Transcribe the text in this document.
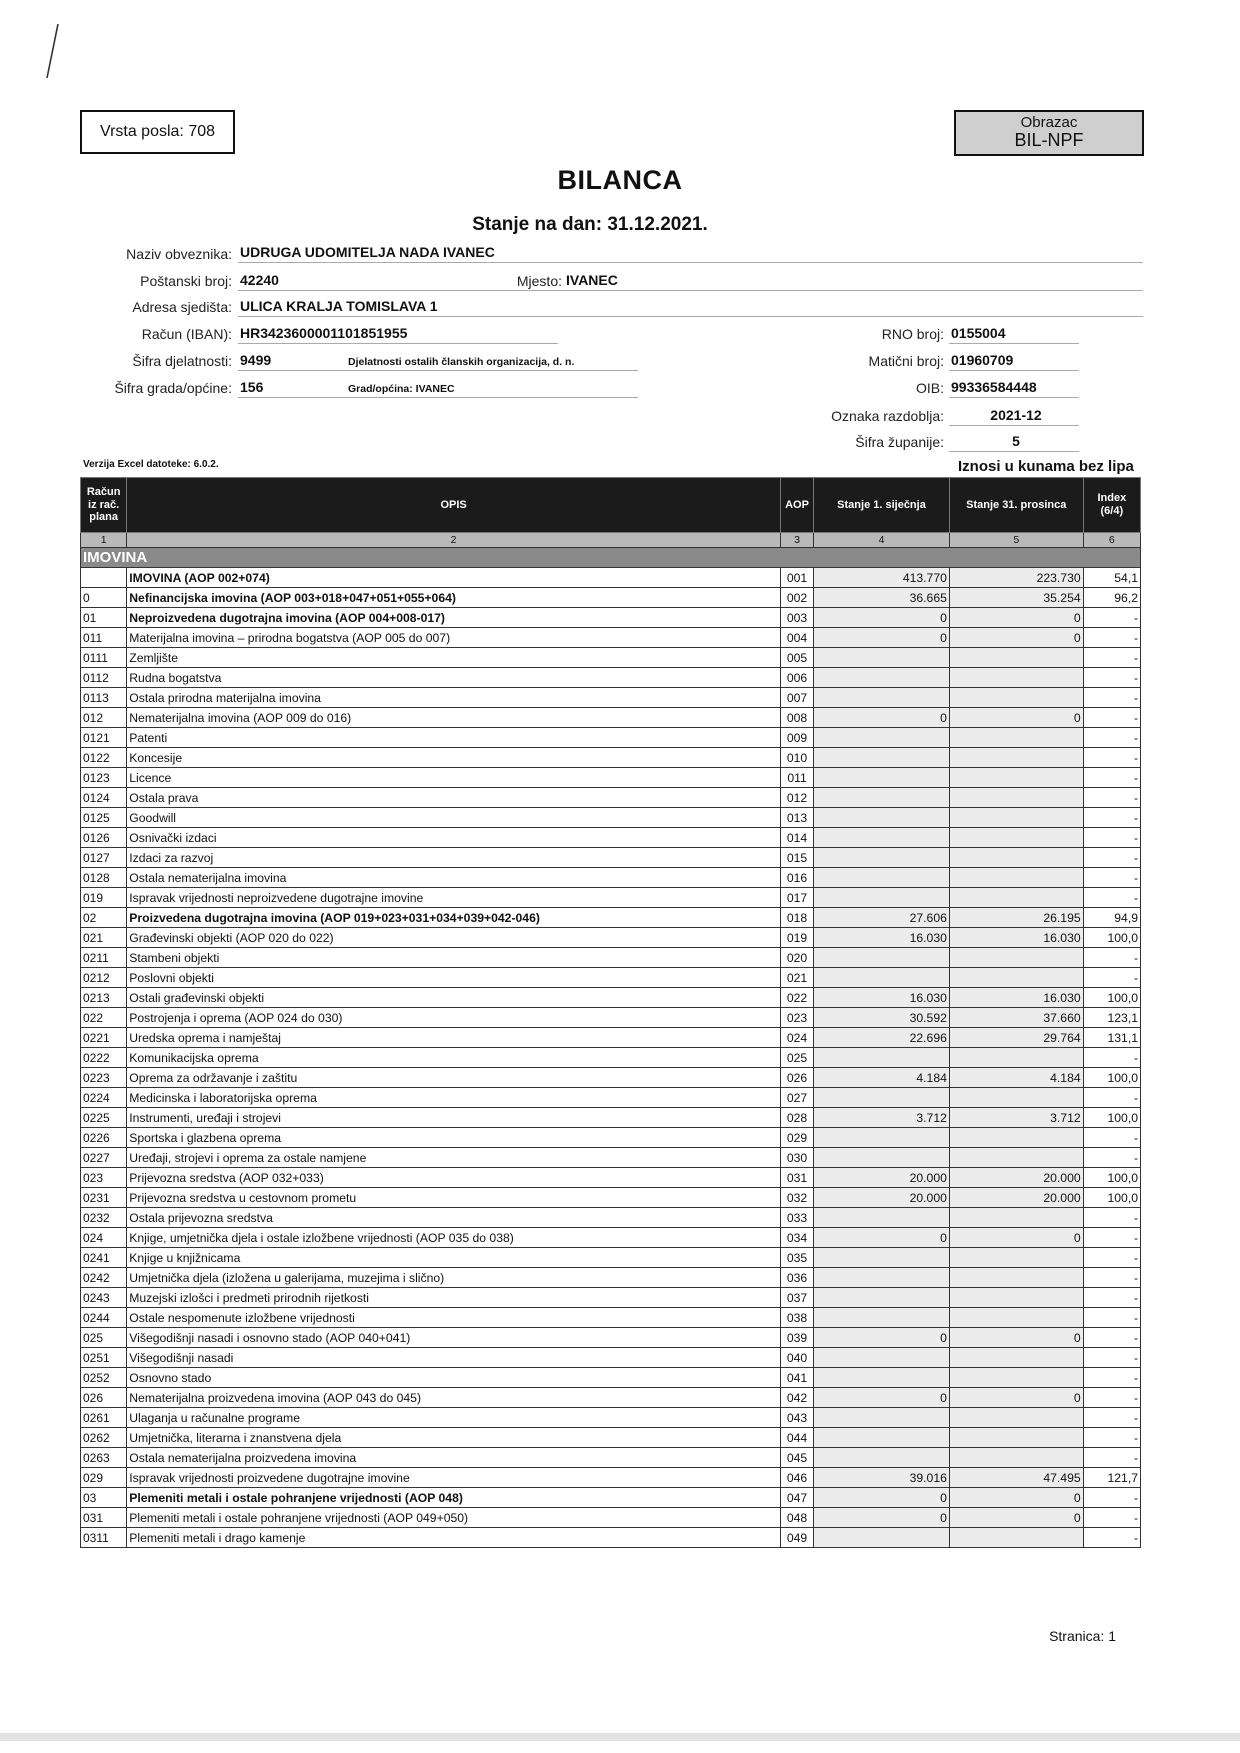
Vrsta posla: 708
Obrazac
BIL-NPF
BILANCA
Stanje na dan: 31.12.2021.
Naziv obveznika: UDRUGA UDOMITELJA NADA IVANEC
Poštanski broj: 42240	Mjesto: IVANEC
Adresa sjedišta: ULICA KRALJA TOMISLAVA 1
Račun (IBAN): HR3423600001101851955	RNO broj: 0155004
Šifra djelatnosti: 9499	Djelatnosti ostalih članskih organizacija, d. n.	Matični broj: 01960709
Šifra grada/općine: 156	Grad/općina: IVANEC	OIB: 99336584448
Oznaka razdoblja:	2021-12
Šifra županije:	5
Verzija Excel datoteke: 6.0.2.	Iznosi u kunama bez lipa
Račun iz rač. plana	OPIS	AOP	Stanje 1. siječnja	Stanje 31. prosinca	Index (6/4)
1	2	3	4	5	6
IMOVINA					
	IMOVINA (AOP 002+074)	001	413.770	223.730	54,1
0	Nefinancijska imovina (AOP 003+018+047+051+055+064)	002	36.665	35.254	96,2
01	Neproizvedena dugotrajna imovina (AOP 004+008-017)	003	0	0	-
011	Materijalna imovina – prirodna bogatstva (AOP 005 do 007)	004	0	0	-
0111	Zemljište	005			-
0112	Rudna bogatstva	006			-
0113	Ostala prirodna materijalna imovina	007			-
012	Nematerijalna imovina (AOP 009 do 016)	008	0	0	-
0121	Patenti	009			-
0122	Koncesije	010			-
0123	Licence	011			-
0124	Ostala prava	012			-
0125	Goodwill	013			-
0126	Osnivački izdaci	014			-
0127	Izdaci za razvoj	015			-
0128	Ostala nematerijalna imovina	016			-
019	Ispravak vrijednosti neproizvedene dugotrajne imovine	017			-
02	Proizvedena dugotrajna imovina (AOP 019+023+031+034+039+042-046)	018	27.606	26.195	94,9
021	Građevinski objekti (AOP 020 do 022)	019	16.030	16.030	100,0
0211	Stambeni objekti	020			-
0212	Poslovni objekti	021			-
0213	Ostali građevinski objekti	022	16.030	16.030	100,0
022	Postrojenja i oprema (AOP 024 do 030)	023	30.592	37.660	123,1
0221	Uredska oprema i namještaj	024	22.696	29.764	131,1
0222	Komunikacijska oprema	025			-
0223	Oprema za održavanje i zaštitu	026	4.184	4.184	100,0
0224	Medicinska i laboratorijska oprema	027			-
0225	Instrumenti, uređaji i strojevi	028	3.712	3.712	100,0
0226	Sportska i glazbena oprema	029			-
0227	Uređaji, strojevi i oprema za ostale namjene	030			-
023	Prijevozna sredstva (AOP 032+033)	031	20.000	20.000	100,0
0231	Prijevozna sredstva u cestovnom prometu	032	20.000	20.000	100,0
0232	Ostala prijevozna sredstva	033			-
024	Knjige, umjetnička djela i ostale izložbene vrijednosti (AOP 035 do 038)	034	0	0	-
0241	Knjige u knjižnicama	035			-
0242	Umjetnička djela (izložena u galerijama, muzejima i slično)	036			-
0243	Muzejski izlošci i predmeti prirodnih rijetkosti	037			-
0244	Ostale nespomenute izložbene vrijednosti	038			-
025	Višegodišnji nasadi i osnovno stado (AOP 040+041)	039	0	0	-
0251	Višegodišnji nasadi	040			-
0252	Osnovno stado	041			-
026	Nematerijalna proizvedena imovina (AOP 043 do 045)	042	0	0	-
0261	Ulaganja u računalne programe	043			-
0262	Umjetnička, literarna i znanstvena djela	044			-
0263	Ostala nematerijalna proizvedena imovina	045			-
029	Ispravak vrijednosti proizvedene dugotrajne imovine	046	39.016	47.495	121,7
03	Plemeniti metali i ostale pohranjene vrijednosti (AOP 048)	047	0	0	-
031	Plemeniti metali i ostale pohranjene vrijednosti (AOP 049+050)	048	0	0	-
0311	Plemeniti metali i drago kamenje	049			-
Stranica: 1
